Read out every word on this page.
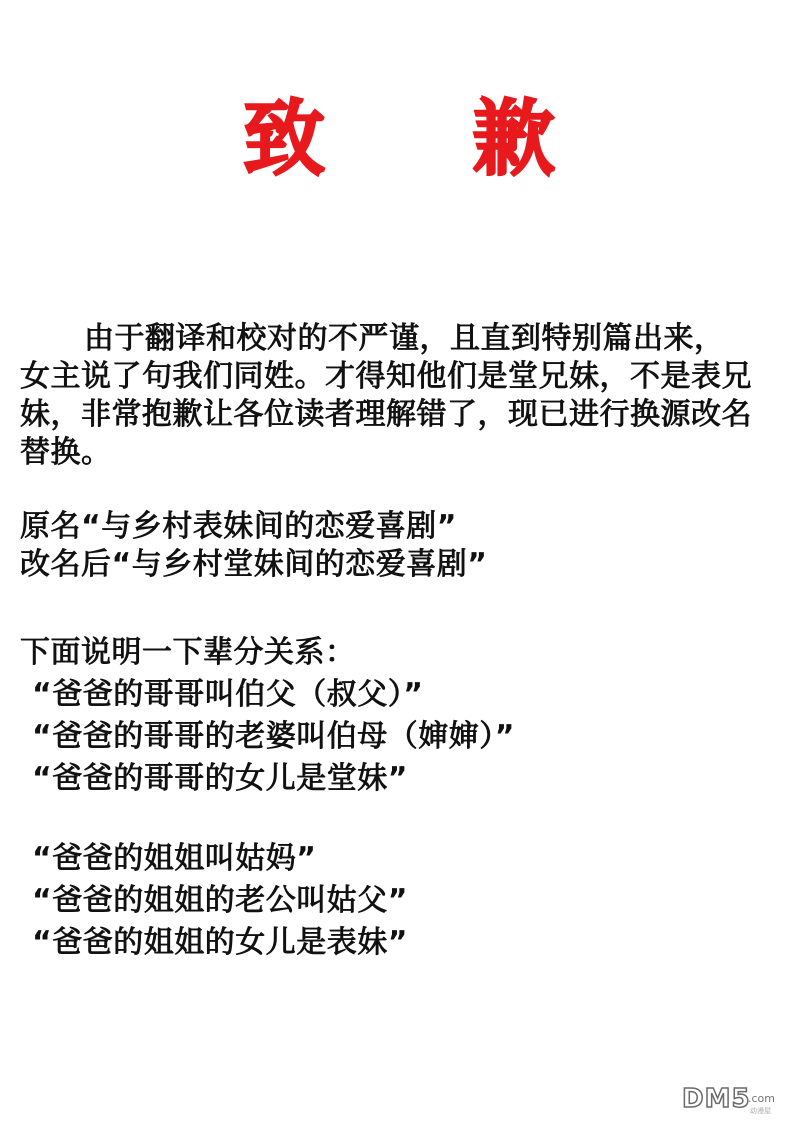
致 歉
由于翻译和校对的不严谨，且直到特别篇出来，
女主说了句我们同姓。才得知他们是堂兄妹，不是表兄
妹，非常抱歉让各位读者理解错了，现已进行换源改名
替换。
原名“与乡村表妹间的恋爱喜剧”
改名后“与乡村堂妹间的恋爱喜剧”
下面说明一下辈分关系：
“爸爸的哥哥叫伯父（叔父）”
“爸爸的哥哥的老婆叫伯母（婶婶）”
“爸爸的哥哥的女儿是堂妹”
“爸爸的姐姐叫姑妈”
“爸爸的姐姐的老公叫姑父”
“爸爸的姐姐的女儿是表妹”
DM5
.com
动漫屋
